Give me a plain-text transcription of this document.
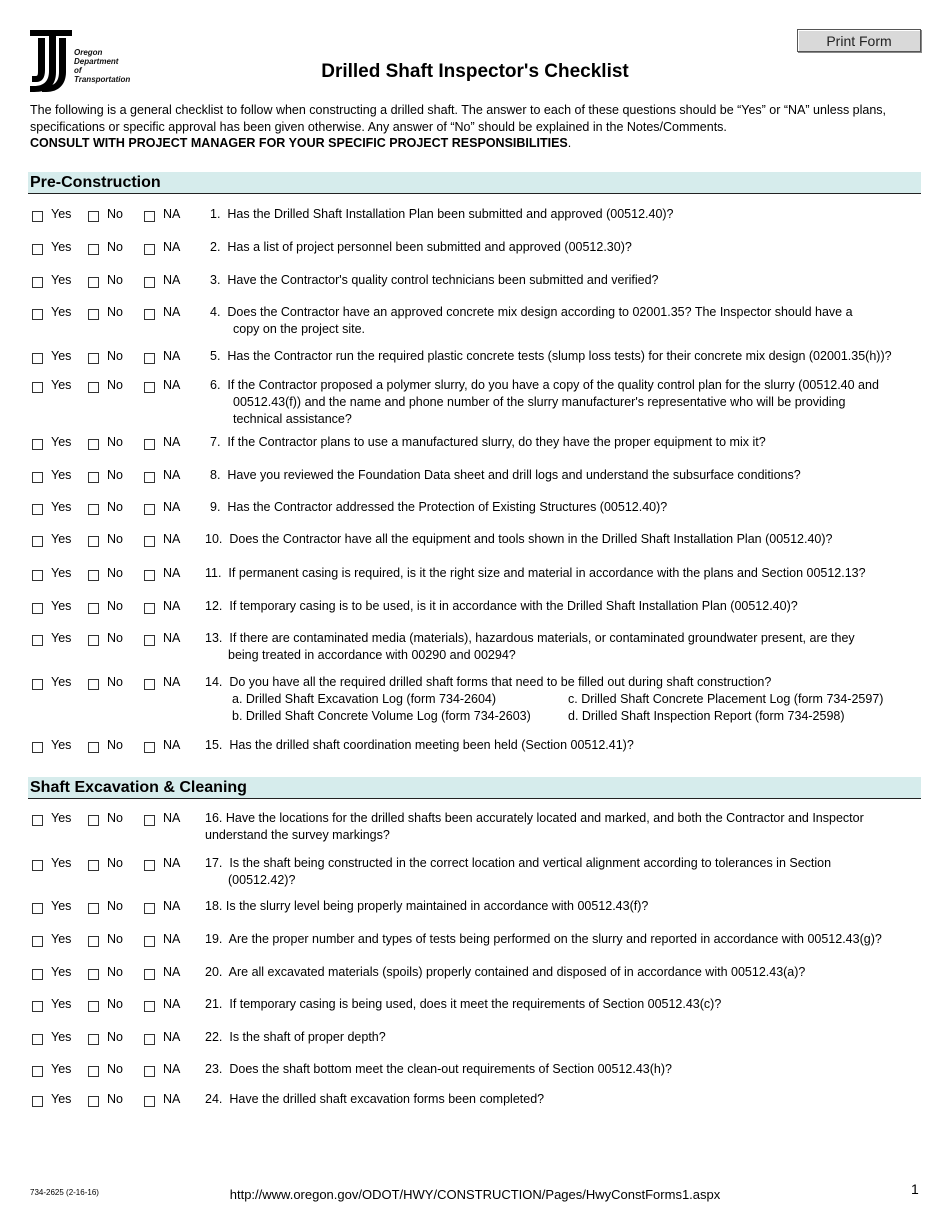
Oregon
Department
of Transportation
Print Form
Drilled Shaft Inspector's Checklist
The following is a general checklist to follow when constructing a drilled shaft. The answer to each of these questions should be “Yes” or “NA” unless plans, specifications or specific approval has been given otherwise. Any answer of “No” should be explained in the Notes/Comments.
CONSULT WITH PROJECT MANAGER FOR YOUR SPECIFIC PROJECT RESPONSIBILITIES.
Pre-Construction
Yes	No	NA 1. Has the Drilled Shaft Installation Plan been submitted and approved (00512.40)?
Yes	No	NA 2. Has a list of project personnel been submitted and approved (00512.30)?
Yes	No	NA 3. Have the Contractor's quality control technicians been submitted and verified?
Yes	No	NA 4. Does the Contractor have an approved concrete mix design according to 02001.35? The Inspector should have a
copy on the project site.
Yes	No	NA 5. Has the Contractor run the required plastic concrete tests (slump loss tests) for their concrete mix design (02001.35(h))?
Yes	No	NA 6. If the Contractor proposed a polymer slurry, do you have a copy of the quality control plan for the slurry (00512.40 and
00512.43(f)) and the name and phone number of the slurry manufacturer's representative who will be providing
technical assistance?
Yes	No	NA 7. If the Contractor plans to use a manufactured slurry, do they have the proper equipment to mix it?
Yes	No	NA 8. Have you reviewed the Foundation Data sheet and drill logs and understand the subsurface conditions?
Yes	No	NA 9. Has the Contractor addressed the Protection of Existing Structures (00512.40)?
Yes	No	NA 10. Does the Contractor have all the equipment and tools shown in the Drilled Shaft Installation Plan (00512.40)?
Yes	No	NA 11. If permanent casing is required, is it the right size and material in accordance with the plans and Section 00512.13?
Yes	No	NA 12. If temporary casing is to be used, is it in accordance with the Drilled Shaft Installation Plan (00512.40)?
Yes	No	NA 13. If there are contaminated media (materials), hazardous materials, or contaminated groundwater present, are they
being treated in accordance with 00290 and 00294?
Yes	No	NA 14. Do you have all the required drilled shaft forms that need to be filled out during shaft construction?
a. Drilled Shaft Excavation Log (form 734-2604)	c. Drilled Shaft Concrete Placement Log (form 734-2597)
b. Drilled Shaft Concrete Volume Log (form 734-2603)	d. Drilled Shaft Inspection Report (form 734-2598)
Yes	No	NA 15. Has the drilled shaft coordination meeting been held (Section 00512.41)?
Shaft Excavation & Cleaning
Yes	No	NA 16. Have the locations for the drilled shafts been accurately located and marked, and both the Contractor and Inspector
understand the survey markings?
Yes	No	NA 17. Is the shaft being constructed in the correct location and vertical alignment according to tolerances in Section
(00512.42)?
Yes	No	NA 18. Is the slurry level being properly maintained in accordance with 00512.43(f)?
Yes	No	NA 19. Are the proper number and types of tests being performed on the slurry and reported in accordance with 00512.43(g)?
Yes	No	NA 20. Are all excavated materials (spoils) properly contained and disposed of in accordance with 00512.43(a)?
Yes	No	NA 21. If temporary casing is being used, does it meet the requirements of Section 00512.43(c)?
Yes	No	NA 22. Is the shaft of proper depth?
Yes	No	NA 23. Does the shaft bottom meet the clean-out requirements of Section 00512.43(h)?
Yes	No	NA 24. Have the drilled shaft excavation forms been completed?
734-2625 (2-16-16)	http://www.oregon.gov/ODOT/HWY/CONSTRUCTION/Pages/HwyConstForms1.aspx	1
